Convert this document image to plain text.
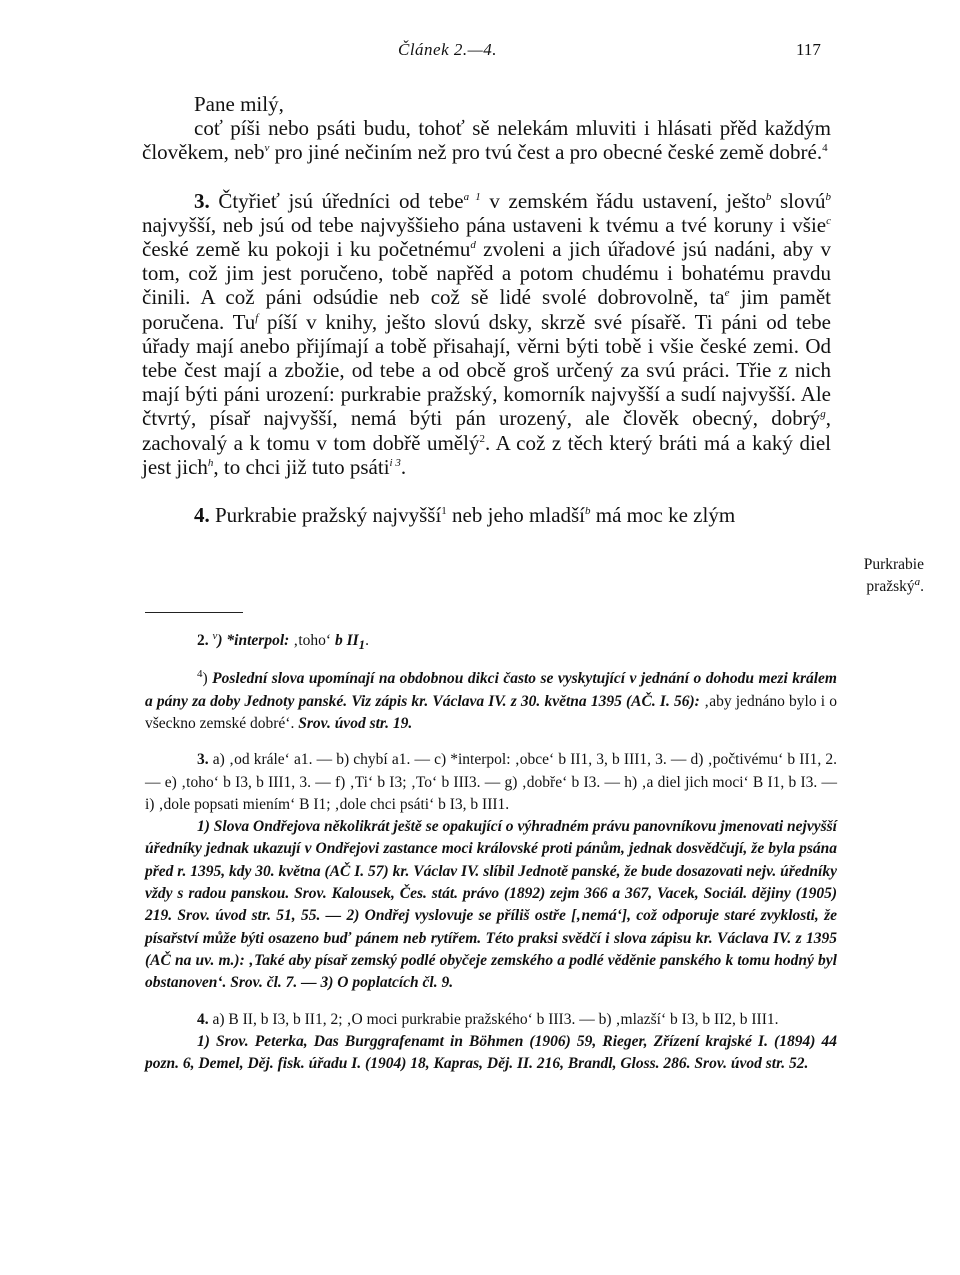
Článek 2.—4.	117

Pane milý,

coť píši nebo psáti budu, tohoť sě nelekám mluviti i hlásati přěd každým člověkem, neb$^v$ pro jiné nečiním než pro tvú čest a pro obecné české země dobré.$^4$

3. Čtyřieť jsú úředníci od tebe$^{a 1}$ v zemském řádu ustavení, ješto$^b$ slovú$^b$ najvyšší, neb jsú od tebe najvyššieho pána ustaveni k tvému a tvé koruny i všie$^c$ české země ku pokoji i ku početnému$^d$ zvoleni a jich úřadové jsú nadáni, aby v tom, což jim jest poručeno, tobě napřěd a potom chudému i bohatému pravdu činili. A což páni odsúdie neb což sě lidé svolé dobrovolně, $ta^e$ jim pamět poručena. Tu$^f$ píší v knihy, ješto slovú dsky, skrzě své písařě. Ti páni od tebe úřady mají anebo přijímají a tobě přisahají, věrni býti tobě i všie české zemi. Od tebe čest mají a zbožie, od tebe a od obcě groš určený za svú práci. Třie z nich mají býti páni urození: purkrabie pražský, komorník najvyšší a sudí najvyšší. Ale čtvrtý, písař najvyšší, nemá býti pán urozený, ale člověk obecný, dobrý$^g$, zachovalý a k tomu v tom dobřě umělý$^2$. A což z těch který bráti má a kaký diel jest jich$^h$, to chci již tuto psáti$^{i 3}$.

4. Purkrabie pražský najvyšší$^1$ neb jeho mladší$^b$ má moc ke zlým

Purkrabie
pražský$^a$.

2. $^v$) *interpol: ‚toho‘ b $II_1$.

$^4$) Poslední slova upomínají na obdobnou dikci často se vyskytující v jednání o dohodu mezi králem a pány za doby Jednoty panské. Viz zápis kr. Václava IV. z 30. května 1395 (AČ. I. 56): ‚aby jednáno bylo i o všeckno zemské dobré‘. Srov. úvod str. 19.

3. a) ‚od krále‘ a1. — b) chybí a1. — c) *interpol: ‚obce‘ b II1, 3, b III1, 3. — d) ‚počtivému‘ b II1, 2. — e) ‚toho‘ b I3, b III1, 3. — f) ‚Ti‘ b I3; ‚To‘ b III3. — g) ‚dobře‘ b I3. — h) ‚a diel jich moci‘ B I1, b I3. — i) ‚dole popsati miením‘ B I1; ‚dole chci psáti‘ b I3, b III1.

1) Slova Ondřejova několikrát ještě se opakující o výhradném právu panovníkovu jmenovati nejvyšší úředníky jednak ukazují v Ondřejovi zastance moci královské proti pánům, jednak dosvědčují, že byla psána před r. 1395, kdy 30. května (AČ I. 57) kr. Václav IV. slíbil Jednotě panské, že bude dosazovati nejv. úředníky vždy s radou panskou. Srov. Kalousek, Čes. stát. právo (1892) zejm 366 a 367, Vacek, Sociál. dějiny (1905) 219. Srov. úvod str. 51, 55. — 2) Ondřej vyslovuje se příliš ostře [‚nemá‘], což odporuje staré zvyklosti, že písařství může býti osazeno buď pánem neb rytířem. Této praksi svědčí i slova zápisu kr. Václava IV. z 1395 (AČ na uv. m.): ‚Také aby písař zemský podlé obyčeje zemského a podlé věděnie panského k tomu hodný byl obstanoven‘. Srov. čl. 7. — 3) O poplatcích čl. 9.

4. a) B II, b I3, b II1, 2; ‚O moci purkrabie pražského‘ b III3. — b) ‚mlazší‘ b I3, b II2, b III1.

1) Srov. Peterka, Das Burggrafenamt in Böhmen (1906) 59, Rieger, Zřízení krajské I. (1894) 44 pozn. 6, Demel, Děj. fisk. úřadu I. (1904) 18, Kapras, Děj. II. 216, Brandl, Gloss. 286. Srov. úvod str. 52.
